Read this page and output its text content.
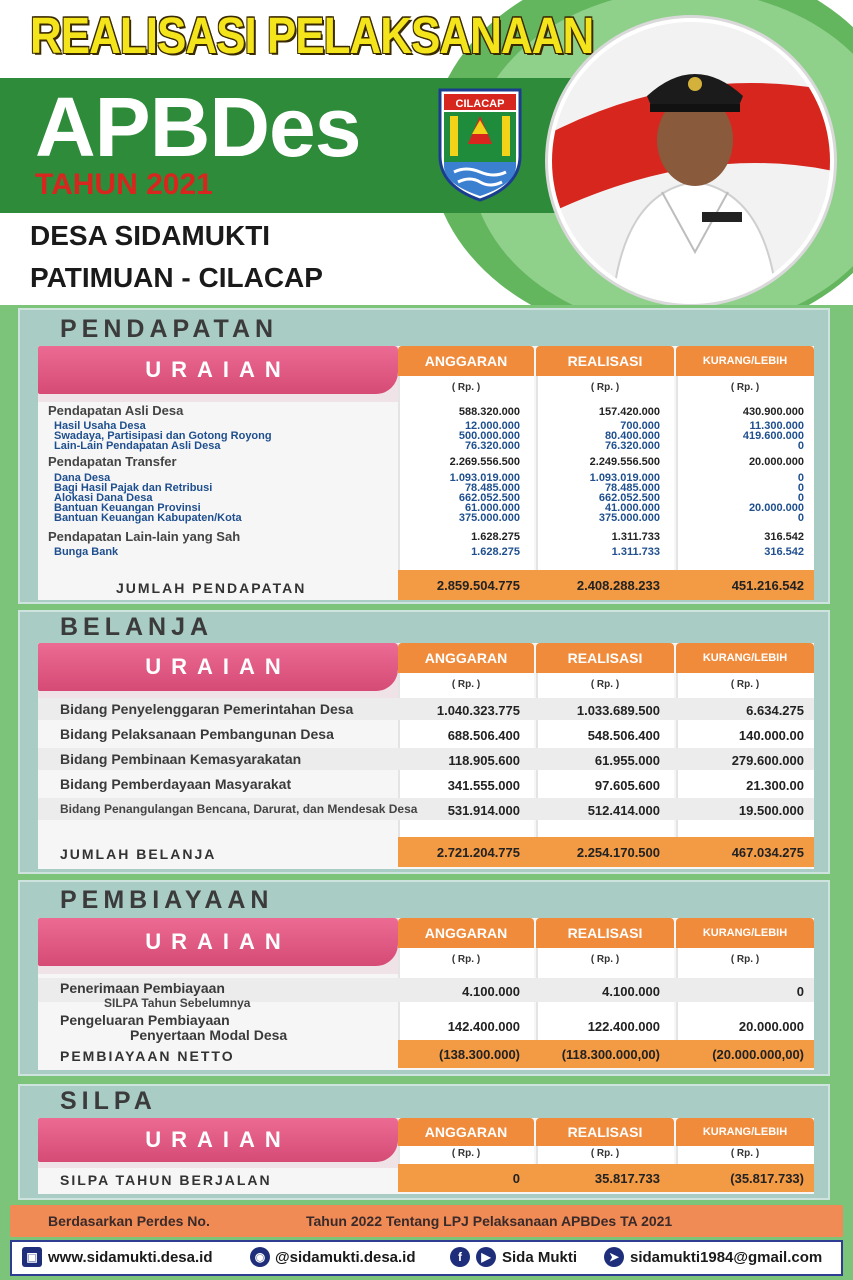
REALISASI PELAKSANAAN
APBDes
TAHUN 2021
DESA SIDAMUKTI
PATIMUAN - CILACAP
CILACAP
PENDAPATAN
URAIAN	ANGGARAN	REALISASI	KURANG/LEBIH
( Rp. )	( Rp. )	( Rp. )
Pendapatan Asli Desa	588.320.000	157.420.000	430.900.000
Hasil Usaha Desa	12.000.000	700.000	11.300.000
Swadaya, Partisipasi dan Gotong Royong	500.000.000	80.400.000	419.600.000
Lain-Lain Pendapatan Asli Desa	76.320.000	76.320.000	0
Pendapatan Transfer	2.269.556.500	2.249.556.500	20.000.000
Dana Desa	1.093.019.000	1.093.019.000	0
Bagi Hasil Pajak dan Retribusi	78.485.000	78.485.000	0
Alokasi Dana Desa	662.052.500	662.052.500	0
Bantuan Keuangan Provinsi	61.000.000	41.000.000	20.000.000
Bantuan Keuangan Kabupaten/Kota	375.000.000	375.000.000	0
Pendapatan Lain-lain yang Sah	1.628.275	1.311.733	316.542
Bunga Bank	1.628.275	1.311.733	316.542
JUMLAH PENDAPATAN	2.859.504.775	2.408.288.233	451.216.542
BELANJA
URAIAN	ANGGARAN	REALISASI	KURANG/LEBIH
( Rp. )	( Rp. )	( Rp. )
Bidang Penyelenggaran Pemerintahan Desa	1.040.323.775	1.033.689.500	6.634.275
Bidang Pelaksanaan Pembangunan Desa	688.506.400	548.506.400	140.000.00
Bidang Pembinaan Kemasyarakatan	118.905.600	61.955.000	279.600.000
Bidang Pemberdayaan Masyarakat	341.555.000	97.605.600	21.300.00
Bidang Penangulangan Bencana, Darurat, dan Mendesak Desa	531.914.000	512.414.000	19.500.000
JUMLAH BELANJA	2.721.204.775	2.254.170.500	467.034.275
PEMBIAYAAN
URAIAN	ANGGARAN	REALISASI	KURANG/LEBIH
( Rp. )	( Rp. )	( Rp. )
Penerimaan Pembiayaan
SILPA Tahun Sebelumnya
4.100.000	4.100.000	0
Pengeluaran Pembiayaan
Penyertaan Modal Desa
142.400.000	122.400.000	20.000.000
PEMBIAYAAN NETTO	(138.300.000)	(118.300.000,00)	(20.000.000,00)
SILPA
URAIAN	ANGGARAN	REALISASI	KURANG/LEBIH
( Rp. )	( Rp. )	( Rp. )
SILPA TAHUN BERJALAN	0	35.817.733	(35.817.733)
Berdasarkan Perdes No.	Tahun 2022 Tentang LPJ Pelaksanaan APBDes TA 2021
▣ www.sidamukti.desa.id	◉ @sidamukti.desa.id	f	▶ Sida Mukti	➤ sidamukti1984@gmail.com
